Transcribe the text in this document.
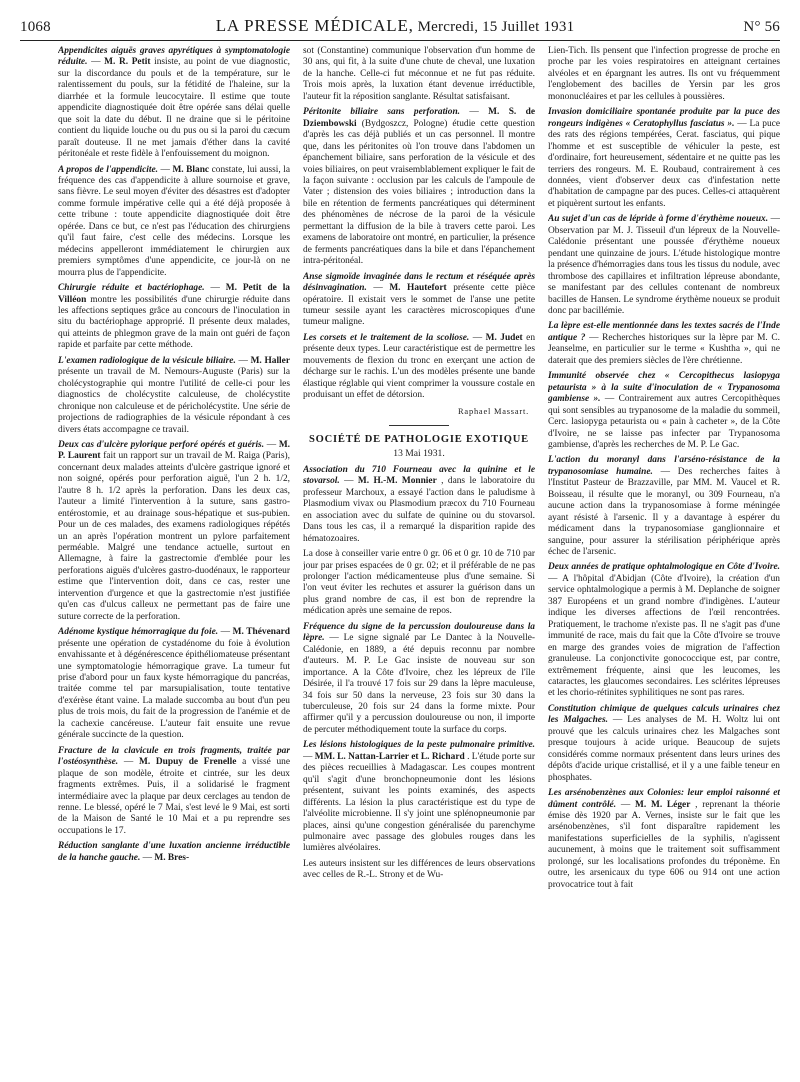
1068	LA PRESSE MÉDICALE, Mercredi, 15 Juillet 1931	N° 56

Appendicites aiguës graves apyrétiques à symptomatologie réduite. — M. R. Petit insiste, au point de vue diagnostic, sur la discordance du pouls et de la température, sur le ralentissement du pouls, sur la fétidité de l'haleine, sur la diarrhée et la formule leucocytaire. Il estime que toute appendicite diagnostiquée doit être opérée sans délai quelle que soit la date du début. Il ne draine que si le péritoine contient du liquide louche ou du pus ou si la paroi du cæcum paraît douteuse. Il ne met jamais d'éther dans la cavité péritonéale et reste fidèle à l'enfouissement du moignon.

A propos de l'appendicite. — M. Blanc constate, lui aussi, la fréquence des cas d'appendicite à allure sournoise et grave, sans fièvre. Le seul moyen d'éviter des désastres est d'adopter comme formule impérative celle qui a été déjà proposée à cette tribune : toute appendicite diagnostiquée doit être opérée. Dans ce but, ce n'est pas l'éducation des chirurgiens qu'il faut faire, c'est celle des médecins. Lorsque les médecins appelleront immédiatement le chirurgien aux premiers symptômes d'une appendicite, ce jour-là on ne mourra plus de l'appendicite.

Chirurgie réduite et bactériophage. — M. Petit de la Villéon montre les possibilités d'une chirurgie réduite dans les affections septiques grâce au concours de l'inoculation in situ du bactériophage approprié. Il présente deux malades, qui atteints de phlegmon grave de la main ont guéri de façon rapide et parfaite par cette méthode.

L'examen radiologique de la vésicule biliaire. — M. Haller présente un travail de M. Nemours-Auguste (Paris) sur la cholécystographie qui montre l'utilité de celle-ci pour les diagnostics de cholécystite calculeuse, de cholécystite chronique non calculeuse et de péricholécystite. Une série de projections de radiographies de la vésicule répondant à ces divers états accompagne ce travail.

Deux cas d'ulcère pylorique perforé opérés et guéris. — M. P. Laurent fait un rapport sur un travail de M. Raiga (Paris), concernant deux malades atteints d'ulcère gastrique ignoré et non soigné, opérés pour perforation aiguë, l'un 2 h. 1/2, l'autre 8 h. 1/2 après la perforation. Dans les deux cas, l'auteur a limité l'intervention à la suture, sans gastro-entérostomie, et au drainage sous-hépatique et sus-pubien. Pour un de ces malades, des examens radiologiques répétés un an après l'opération montrent un pylore parfaitement perméable. Malgré une tendance actuelle, surtout en Allemagne, à faire la gastrectomie d'emblée pour les perforations aiguës d'ulcères gastro-duodénaux, le rapporteur estime que l'intervention doit, dans ce cas, rester une intervention d'urgence et que la gastrectomie n'est justifiée qu'en cas d'ulcus calleux ne permettant pas de faire une suture correcte de la perforation.

Adénome kystique hémorragique du foie. — M. Thévenard présente une opération de cystadénome du foie à évolution envahissante et à dégénérescence épithéliomateuse présentant une symptomatologie hémorragique grave. La tumeur fut prise d'abord pour un faux kyste hémorragique du pancréas, traitée comme tel par marsupialisation, toute tentative d'exérèse étant vaine. La malade succomba au bout d'un peu plus de trois mois, du fait de la progression de l'anémie et de la cachexie cancéreuse. L'auteur fait ensuite une revue générale succincte de la question.

Fracture de la clavicule en trois fragments, traitée par l'ostéosynthèse. — M. Dupuy de Frenelle a vissé une plaque de son modèle, étroite et cintrée, sur les deux fragments extrêmes. Puis, il a solidarisé le fragment intermédiaire avec la plaque par deux cerclages au tendon de renne. Le blessé, opéré le 7 Mai, s'est levé le 9 Mai, est sorti de la Maison de Santé le 10 Mai et a pu reprendre ses occupations le 17.

Réduction sanglante d'une luxation ancienne irréductible de la hanche gauche. — M. Bres-

sot (Constantine) communique l'observation d'un homme de 30 ans, qui fit, à la suite d'une chute de cheval, une luxation de la hanche. Celle-ci fut méconnue et ne fut pas réduite. Trois mois après, la luxation étant devenue irréductible, l'auteur fit la réposition sanglante. Résultat satisfaisant.

Péritonite biliaire sans perforation. — M. S. de Dziembowski (Bydgoszcz, Pologne) étudie cette question d'après les cas déjà publiés et un cas personnel. Il montre que, dans les péritonites où l'on trouve dans l'abdomen un épanchement biliaire, sans perforation de la vésicule et des voies biliaires, on peut vraisemblablement expliquer le fait de la façon suivante : occlusion par les calculs de l'ampoule de Vater ; distension des voies biliaires ; introduction dans la bile en rétention de ferments pancréatiques qui déterminent des phénomènes de nécrose de la paroi de la vésicule permettant la diffusion de la bile à travers cette paroi. Les examens de laboratoire ont montré, en particulier, la présence de ferments pancréatiques dans la bile et dans l'épanchement intra-péritonéal.

Anse sigmoïde invaginée dans le rectum et réséquée après désinvagination. — M. Hautefort présente cette pièce opératoire. Il existait vers le sommet de l'anse une petite tumeur sessile ayant les caractères microscopiques d'une tumeur maligne.

Les corsets et le traitement de la scoliose. — M. Judet en présente deux types. Leur caractéristique est de permettre les mouvements de flexion du tronc en exerçant une action de décharge sur le rachis. L'un des modèles présente une bande élastique réglable qui vient comprimer la voussure costale en produisant un effet de détorsion.

Raphael Massart.
SOCIÉTÉ DE PATHOLOGIE EXOTIQUE
13 Mai 1931.

Association du 710 Fourneau avec la quinine et le stovarsol. — M. H.-M. Monnier , dans le laboratoire du professeur Marchoux, a essayé l'action dans le paludisme à Plasmodium vivax ou Plasmodium præcox du 710 Fourneau en association avec du sulfate de quinine ou du stovarsol. Dans tous les cas, il a remarqué la disparition rapide des hématozoaires.

La dose à conseiller varie entre 0 gr. 06 et 0 gr. 10 de 710 par jour par prises espacées de 0 gr. 02; et il préférable de ne pas prolonger l'action médicamenteuse plus d'une semaine. Si l'on veut éviter les rechutes et assurer la guérison dans un plus grand nombre de cas, il est bon de reprendre la médication après une semaine de repos.

Fréquence du signe de la percussion douloureuse dans la lèpre. — Le signe signalé par Le Dantec à la Nouvelle-Calédonie, en 1889, a été depuis reconnu par nombre d'auteurs. M. P. Le Gac insiste de nouveau sur son importance. A la Côte d'Ivoire, chez les lépreux de l'île Désirée, il l'a trouvé 17 fois sur 29 dans la lèpre maculeuse, 34 fois sur 50 dans la nerveuse, 23 fois sur 30 dans la tuberculeuse, 20 fois sur 24 dans la forme mixte. Pour affirmer qu'il y a percussion douloureuse ou non, il importe de percuter méthodiquement toute la surface du corps.

Les lésions histologiques de la peste pulmonaire primitive. — MM. L. Nattan-Larrier et L. Richard . L'étude porte sur des pièces recueillies à Madagascar. Les coupes montrent qu'il s'agit d'une bronchopneumonie dont les lésions présentent, suivant les points examinés, des aspects différents. La lésion la plus caractéristique est du type de l'alvéolite microbienne. Il s'y joint une splénopneumonie par places, ainsi qu'une congestion généralisée du parenchyme pulmonaire avec passage des globules rouges dans les lumières alvéolaires.

Les auteurs insistent sur les différences de leurs observations avec celles de R.-L. Strony et de Wu-

Lien-Tich. Ils pensent que l'infection progresse de proche en proche par les voies respiratoires en atteignant certaines alvéoles et en épargnant les autres. Ils ont vu fréquemment l'englobement des bacilles de Yersin par les gros mononucléaires et par les cellules à poussières.

Invasion domiciliaire spontanée produite par la puce des rongeurs indigènes « Ceratophyllus fasciatus ». — La puce des rats des régions tempérées, Cerat. fasciatus, qui pique l'homme et est susceptible de véhiculer la peste, est d'ordinaire, fort heureusement, sédentaire et ne quitte pas les terriers des rongeurs. M. E. Roubaud, contrairement à ces données, vient d'observer deux cas d'infestation nette d'habitation de campagne par des puces. Celles-ci attaquèrent et piquèrent surtout les enfants.

Au sujet d'un cas de lépride à forme d'érythème noueux. — Observation par M. J. Tisseuil d'un lépreux de la Nouvelle-Calédonie présentant une poussée d'érythème noueux pendant une quinzaine de jours. L'étude histologique montre la présence d'hémorragies dans tous les tissus du nodule, avec thrombose des capillaires et infiltration lépreuse abondante, se manifestant par des cellules contenant de nombreux bacilles de Hansen. Le syndrome érythème noueux se produit donc par bacillémie.

La lèpre est-elle mentionnée dans les textes sacrés de l'Inde antique ? — Recherches historiques sur la lèpre par M. C. Jeanselme, en particulier sur le terme « Kushtha », qui ne daterait que des premiers siècles de l'ère chrétienne.

Immunité observée chez « Cercopithecus lasiopyga petaurista » à la suite d'inoculation de « Trypanosoma gambiense ». — Contrairement aux autres Cercopithèques qui sont sensibles au trypanosome de la maladie du sommeil, Cerc. lasiopyga petaurista ou « pain à cacheter », de la Côte d'Ivoire, ne se laisse pas infecter par Trypanosoma gambiense, d'après les recherches de M. P. Le Gac.

L'action du moranyl dans l'arséno-résistance de la trypanosomiase humaine. — Des recherches faites à l'Institut Pasteur de Brazzaville, par MM. M. Vaucel et R. Boisseau, il résulte que le moranyl, ou 309 Fourneau, n'a aucune action dans la trypanosomiase à forme méningée ayant résisté à l'arsenic. Il y a davantage à espérer du médicament dans la trypanosomiase ganglionnaire et sanguine, pour assurer la stérilisation périphérique après échec de l'arsenic.

Deux années de pratique ophtalmologique en Côte d'Ivoire. — A l'hôpital d'Abidjan (Côte d'Ivoire), la création d'un service ophtalmologique a permis à M. Deplanche de soigner 387 Européens et un grand nombre d'indigènes. L'auteur indique les diverses affections de l'œil rencontrées. Pratiquement, le trachome n'existe pas. Il ne s'agit pas d'une immunité de race, mais du fait que la Côte d'Ivoire se trouve en marge des grandes voies de migration de l'affection granuleuse. La conjonctivite gonococcique est, par contre, extrêmement fréquente, ainsi que les leucomes, les cataractes, les glaucomes secondaires. Les sclérites lépreuses et les chorio-rétinites syphilitiques ne sont pas rares.

Constitution chimique de quelques calculs urinaires chez les Malgaches. — Les analyses de M. H. Woltz lui ont prouvé que les calculs urinaires chez les Malgaches sont presque toujours à acide urique. Beaucoup de sujets considérés comme normaux présentent dans leurs urines des dépôts d'acide urique cristallisé, et il y a une faible teneur en phosphates.

Les arsénobenzènes aux Colonies: leur emploi raisonné et dûment contrôlé. — M. M. Léger , reprenant la théorie émise dès 1920 par A. Vernes, insiste sur le fait que les arsénobenzènes, s'il font disparaître rapidement les manifestations superficielles de la syphilis, n'agissent aucunement, à moins que le traitement soit suffisamment prolongé, sur les localisations profondes du tréponème. En outre, les arsenicaux du type 606 ou 914 ont une action provocatrice tout à fait
